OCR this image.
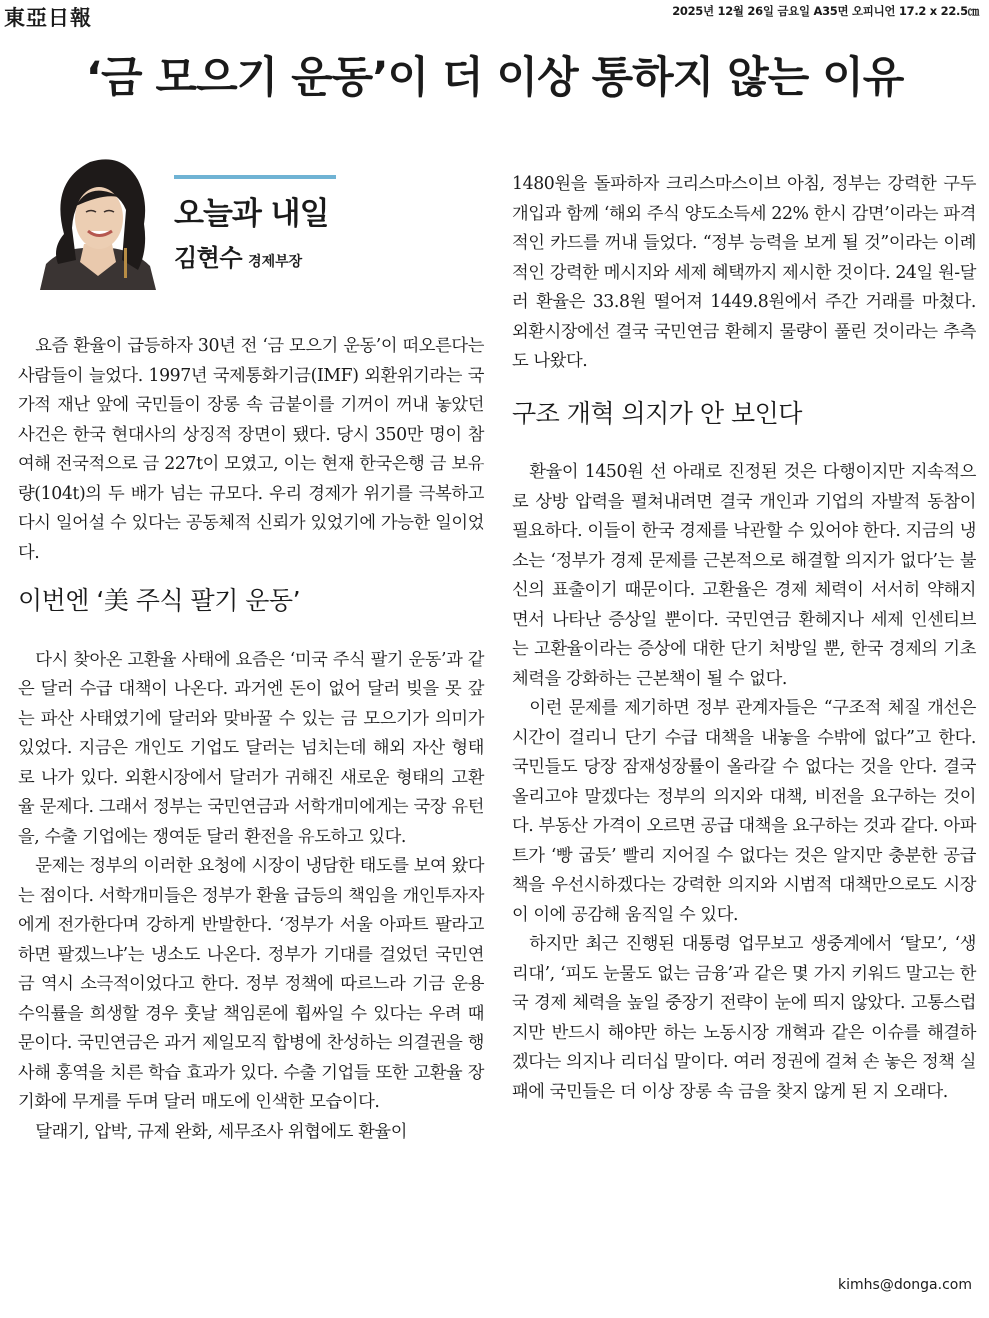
東亞日報	2025년 12월 26일 금요일 A35면 오피니언 17.2 x 22.5㎝
‘금 모으기 운동’이 더 이상 통하지 않는 이유
오늘과 내일
김현수 경제부장

요즘 환율이 급등하자 30년 전 ‘금 모으기 운동’이 떠오른다는 사람들이 늘었다. 1997년 국제통화기금(IMF) 외환위기라는 국가적 재난 앞에 국민들이 장롱 속 금붙이를 기꺼이 꺼내 놓았던 사건은 한국 현대사의 상징적 장면이 됐다. 당시 350만 명이 참여해 전국적으로 금 227t이 모였고, 이는 현재 한국은행 금 보유량(104t)의 두 배가 넘는 규모다. 우리 경제가 위기를 극복하고 다시 일어설 수 있다는 공동체적 신뢰가 있었기에 가능한 일이었다.

이번엔 ‘美 주식 팔기 운동’

다시 찾아온 고환율 사태에 요즘은 ‘미국 주식 팔기 운동’과 같은 달러 수급 대책이 나온다. 과거엔 돈이 없어 달러 빚을 못 갚는 파산 사태였기에 달러와 맞바꿀 수 있는 금 모으기가 의미가 있었다. 지금은 개인도 기업도 달러는 넘치는데 해외 자산 형태로 나가 있다. 외환시장에서 달러가 귀해진 새로운 형태의 고환율 문제다. 그래서 정부는 국민연금과 서학개미에게는 국장 유턴을, 수출 기업에는 쟁여둔 달러 환전을 유도하고 있다.

문제는 정부의 이러한 요청에 시장이 냉담한 태도를 보여 왔다는 점이다. 서학개미들은 정부가 환율 급등의 책임을 개인투자자에게 전가한다며 강하게 반발한다. ‘정부가 서울 아파트 팔라고 하면 팔겠느냐’는 냉소도 나온다. 정부가 기대를 걸었던 국민연금 역시 소극적이었다고 한다. 정부 정책에 따르느라 기금 운용 수익률을 희생할 경우 훗날 책임론에 휩싸일 수 있다는 우려 때문이다. 국민연금은 과거 제일모직 합병에 찬성하는 의결권을 행사해 홍역을 치른 학습 효과가 있다. 수출 기업들 또한 고환율 장기화에 무게를 두며 달러 매도에 인색한 모습이다.

달래기, 압박, 규제 완화, 세무조사 위협에도 환율이

1480원을 돌파하자 크리스마스이브 아침, 정부는 강력한 구두 개입과 함께 ‘해외 주식 양도소득세 22% 한시 감면’이라는 파격적인 카드를 꺼내 들었다. “정부 능력을 보게 될 것”이라는 이례적인 강력한 메시지와 세제 혜택까지 제시한 것이다. 24일 원-달러 환율은 33.8원 떨어져 1449.8원에서 주간 거래를 마쳤다. 외환시장에선 결국 국민연금 환헤지 물량이 풀린 것이라는 추측도 나왔다.

구조 개혁 의지가 안 보인다

환율이 1450원 선 아래로 진정된 것은 다행이지만 지속적으로 상방 압력을 펼쳐내려면 결국 개인과 기업의 자발적 동참이 필요하다. 이들이 한국 경제를 낙관할 수 있어야 한다. 지금의 냉소는 ‘정부가 경제 문제를 근본적으로 해결할 의지가 없다’는 불신의 표출이기 때문이다. 고환율은 경제 체력이 서서히 약해지면서 나타난 증상일 뿐이다. 국민연금 환헤지나 세제 인센티브는 고환율이라는 증상에 대한 단기 처방일 뿐, 한국 경제의 기초체력을 강화하는 근본책이 될 수 없다.

이런 문제를 제기하면 정부 관계자들은 “구조적 체질 개선은 시간이 걸리니 단기 수급 대책을 내놓을 수밖에 없다”고 한다. 국민들도 당장 잠재성장률이 올라갈 수 없다는 것을 안다. 결국 올리고야 말겠다는 정부의 의지와 대책, 비전을 요구하는 것이다. 부동산 가격이 오르면 공급 대책을 요구하는 것과 같다. 아파트가 ‘빵 굽듯’ 빨리 지어질 수 없다는 것은 알지만 충분한 공급책을 우선시하겠다는 강력한 의지와 시범적 대책만으로도 시장이 이에 공감해 움직일 수 있다.

하지만 최근 진행된 대통령 업무보고 생중계에서 ‘탈모’, ‘생리대’, ‘피도 눈물도 없는 금융’과 같은 몇 가지 키워드 말고는 한국 경제 체력을 높일 중장기 전략이 눈에 띄지 않았다. 고통스럽지만 반드시 해야만 하는 노동시장 개혁과 같은 이슈를 해결하겠다는 의지나 리더십 말이다. 여러 정권에 걸쳐 손 놓은 정책 실패에 국민들은 더 이상 장롱 속 금을 찾지 않게 된 지 오래다.

kimhs@donga.com
